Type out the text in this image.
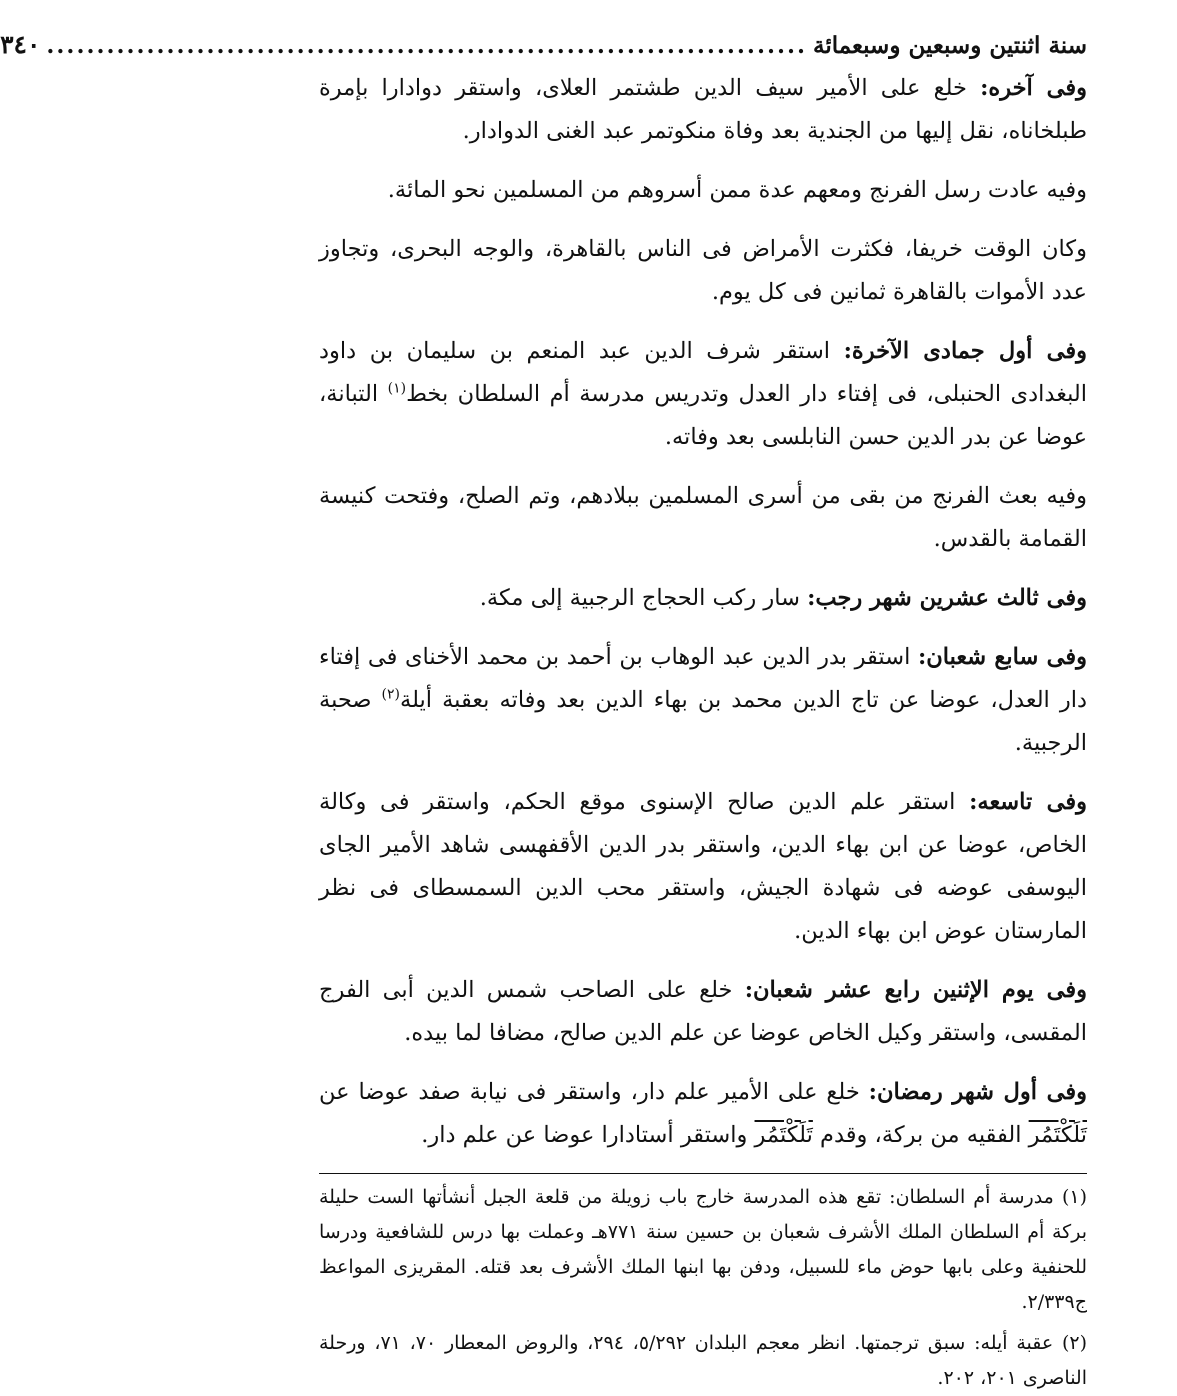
سنة اثنتين وسبعين وسبعمائة
............................................................................
٣٤٠

وفى آخره: خلع على الأمير سيف الدين طشتمر العلاى، واستقر دوادارا بإمرة طبلخاناه، نقل إليها من الجندية بعد وفاة منكوتمر عبد الغنى الدوادار.

وفيه عادت رسل الفرنج ومعهم عدة ممن أسروهم من المسلمين نحو المائة.

وكان الوقت خريفا، فكثرت الأمراض فى الناس بالقاهرة، والوجه البحرى، وتجاوز عدد الأموات بالقاهرة ثمانين فى كل يوم.

وفى أول جمادى الآخرة: استقر شرف الدين عبد المنعم بن سليمان بن داود البغدادى الحنبلى، فى إفتاء دار العدل وتدريس مدرسة أم السلطان بخط$^{(١)}$ التبانة، عوضا عن بدر الدين حسن النابلسى بعد وفاته.

وفيه بعث الفرنج من بقى من أسرى المسلمين ببلادهم، وتم الصلح، وفتحت كنيسة القمامة بالقدس.

وفى ثالث عشرين شهر رجب: سار ركب الحجاج الرجبية إلى مكة.

وفى سابع شعبان: استقر بدر الدين عبد الوهاب بن أحمد بن محمد الأخناى فى إفتاء دار العدل، عوضا عن تاج الدين محمد بن بهاء الدين بعد وفاته بعقبة أيلة$^{(٢)}$ صحبة الرجبية.

وفى تاسعه: استقر علم الدين صالح الإسنوى موقع الحكم، واستقر فى وكالة الخاص، عوضا عن ابن بهاء الدين، واستقر بدر الدين الأقفهسى شاهد الأمير الجاى اليوسفى عوضه فى شهادة الجيش، واستقر محب الدين السمسطاى فى نظر المارستان عوض ابن بهاء الدين.

وفى يوم الإثنين رابع عشر شعبان: خلع على الصاحب شمس الدين أبى الفرج المقسى، واستقر وكيل الخاص عوضا عن علم الدين صالح، مضافا لما بيده.

وفى أول شهر رمضان: خلع على الأمير علم دار، واستقر فى نيابة صفد عوضا عن تَلَكْتَمُر الفقيه من بركة، وقدم تَلَكْتَمُر واستقر أستادارا عوضا عن علم دار.

(١) مدرسة أم السلطان: تقع هذه المدرسة خارج باب زويلة من قلعة الجبل أنشأتها الست حليلة بركة أم السلطان الملك الأشرف شعبان بن حسين سنة ٧٧١هـ وعملت بها درس للشافعية ودرسا للحنفية وعلى بابها حوض ماء للسبيل، ودفن بها ابنها الملك الأشرف بعد قتله. المقريزى المواعظ ج٢/٣٣٩.

(٢) عقبة أيله: سبق ترجمتها. انظر معجم البلدان ٥/٢٩٢، ٢٩٤، والروض المعطار ٧٠، ٧١، ورحلة الناصرى ٢٠١، ٢٠٢.
